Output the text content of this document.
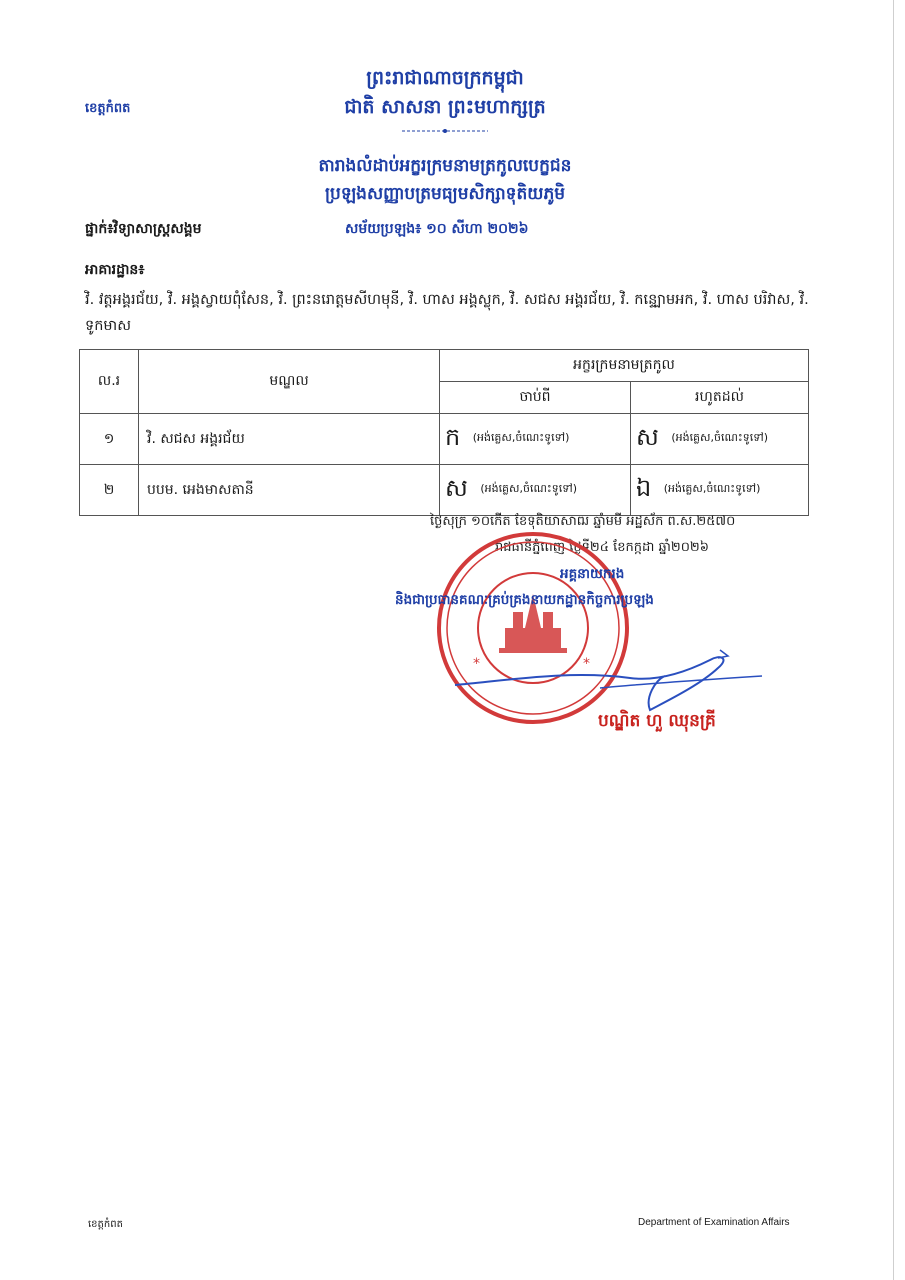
ព្រះរាជាណាចក្រកម្ពុជា
ជាតិ សាសនា ព្រះមហាក្សត្រ
ខេត្តកំពត
តារាងលំដាប់អក្ខរក្រមនាមត្រកូលបេក្ខជន
ប្រឡងសញ្ញាបត្រមធ្យមសិក្សាទុតិយភូមិ
ផ្នាក់៖វិទ្យាសាស្ត្រសង្គម	សម័យប្រឡង៖ ១០ សីហា ២០២៦
អាគារដ្ឋាន៖
វិ. វត្តអង្គរជ័យ, វិ. អង្គស្វាយពុំសែន, វិ. ព្រះនរោត្តមសីហមុនី, វិ. ហាស អង្គស្លុក, វិ. សជស អង្គរជ័យ, វិ. កន្ទ្បោមអក, វិ. ហាស បរិវាស, វិ. ទូកមាស
ល.រ	មណ្ឌល	អក្ខរក្រមនាមត្រកូល	
		ចាប់ពី	រហូតដល់
១	វិ. សជស អង្គរជ័យ	ក (អង់គ្លេស,ចំណេះទូទៅ)	ស (អង់គ្លេស,ចំណេះទូទៅ)
២	បបម. អេងមាសតានី	ស (អង់គ្លេស,ចំណេះទូទៅ)	ឯ (អង់គ្លេស,ចំណេះទូទៅ)
ថ្ងៃសុក្រ ១០កើត ខែទុតិយាសាឍ ឆ្នាំមមី អដ្ឋស័ក ព.ស.២៥៧០
រាជធានីភ្នំពេញ ថ្ងៃទី២៤ ខែកក្កដា ឆ្នាំ២០២៦
*	*
អគ្គនាយករង
និងជាប្រធានគណៈគ្រប់គ្រងនាយកដ្ឋានកិច្ចការប្រឡង
បណ្ឌិត ហួ ឈុនគ្រី
ខេត្តកំពត	Department of Examination Affairs
